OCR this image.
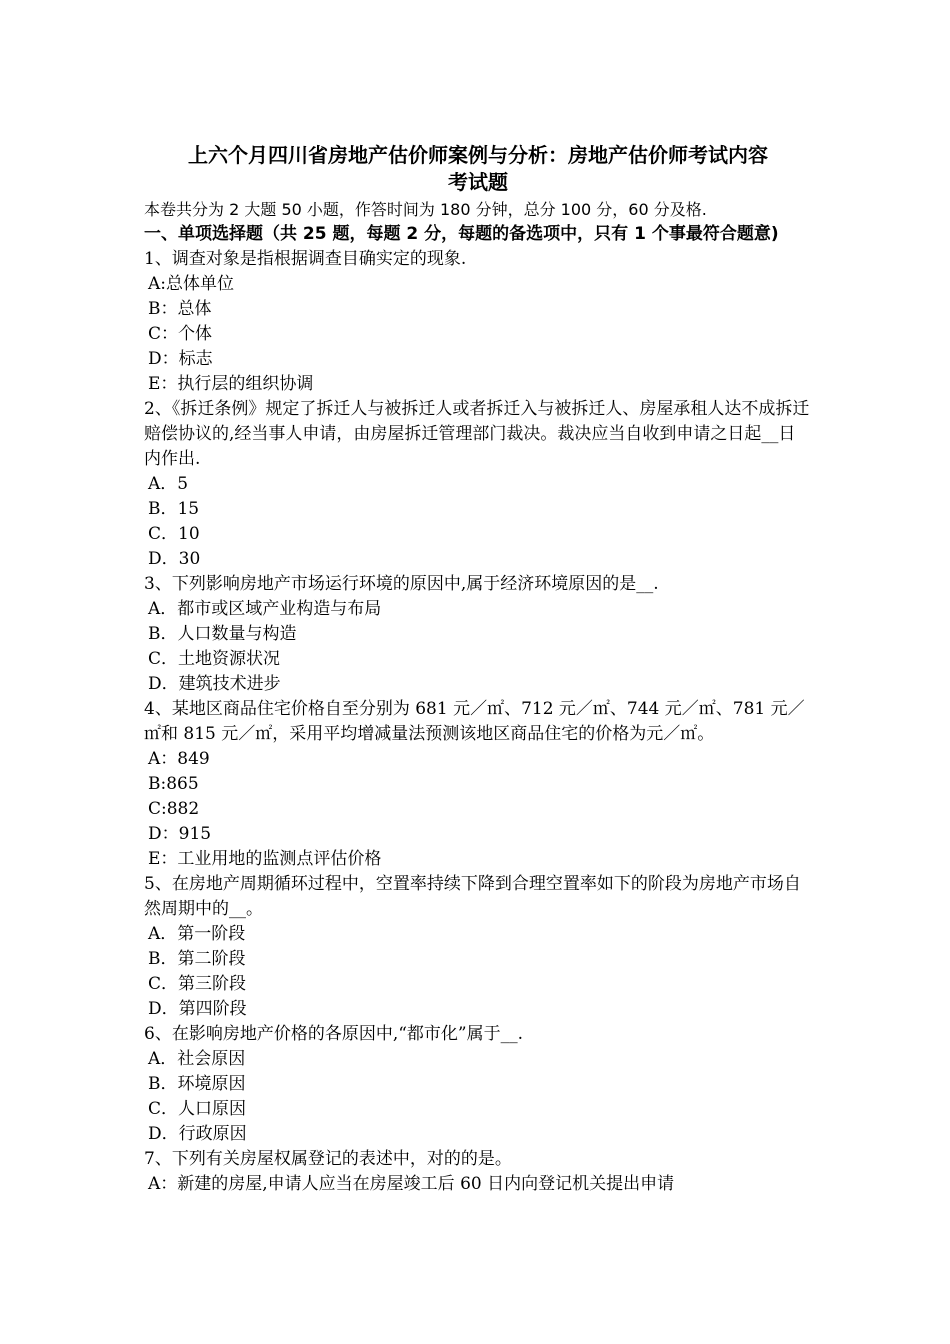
上六个月四川省房地产估价师案例与分析：房地产估价师考试内容
考试题
本卷共分为 2 大题 50 小题，作答时间为 180 分钟，总分 100 分，60 分及格.
一、单项选择题（共 25 题，每题 2 分，每题的备选项中，只有 1 个事最符合题意)
1、调查对象是指根据调查目确实定的现象.
A:总体单位
B：总体
C：个体
D：标志
E：执行层的组织协调
2、《拆迁条例》规定了拆迁人与被拆迁人或者拆迁入与被拆迁人、房屋承租人达不成拆迁赔偿协议的,经当事人申请，由房屋拆迁管理部门裁决。裁决应当自收到申请之日起__日内作出.
A．5
B．15
C．10
D．30
3、下列影响房地产市场运行环境的原因中,属于经济环境原因的是__.
A．都市或区域产业构造与布局
B．人口数量与构造
C．土地资源状况
D．建筑技术进步
4、某地区商品住宅价格自至分别为 681 元／㎡、712 元／㎡、744 元／㎡、781 元／㎡和 815 元／㎡，采用平均增减量法预测该地区商品住宅的价格为元／㎡。
A：849
B:865
C:882
D：915
E：工业用地的监测点评估价格
5、在房地产周期循环过程中，空置率持续下降到合理空置率如下的阶段为房地产市场自然周期中的__。
A．第一阶段
B．第二阶段
C．第三阶段
D．第四阶段
6、在影响房地产价格的各原因中,“都市化”属于__.
A．社会原因
B．环境原因
C．人口原因
D．行政原因
7、下列有关房屋权属登记的表述中，对的的是。
A：新建的房屋,申请人应当在房屋竣工后 60 日内向登记机关提出申请
